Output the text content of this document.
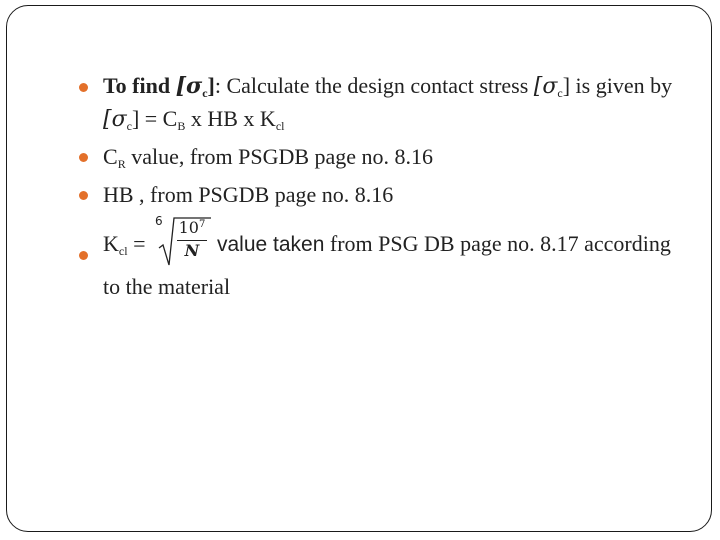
To find $[\sigma_c]$: Calculate the design contact stress $[\sigma_c]$ is given by $[\sigma_c] = C_B$ x HB x $K_{cl}$
$C_R$ value, from PSGDB page no. 8.16
HB , from PSGDB page no. 8.16
$K_{cl}$ =
6 $10^7$
N value taken from PSG DB page no. 8.17 according to the material
